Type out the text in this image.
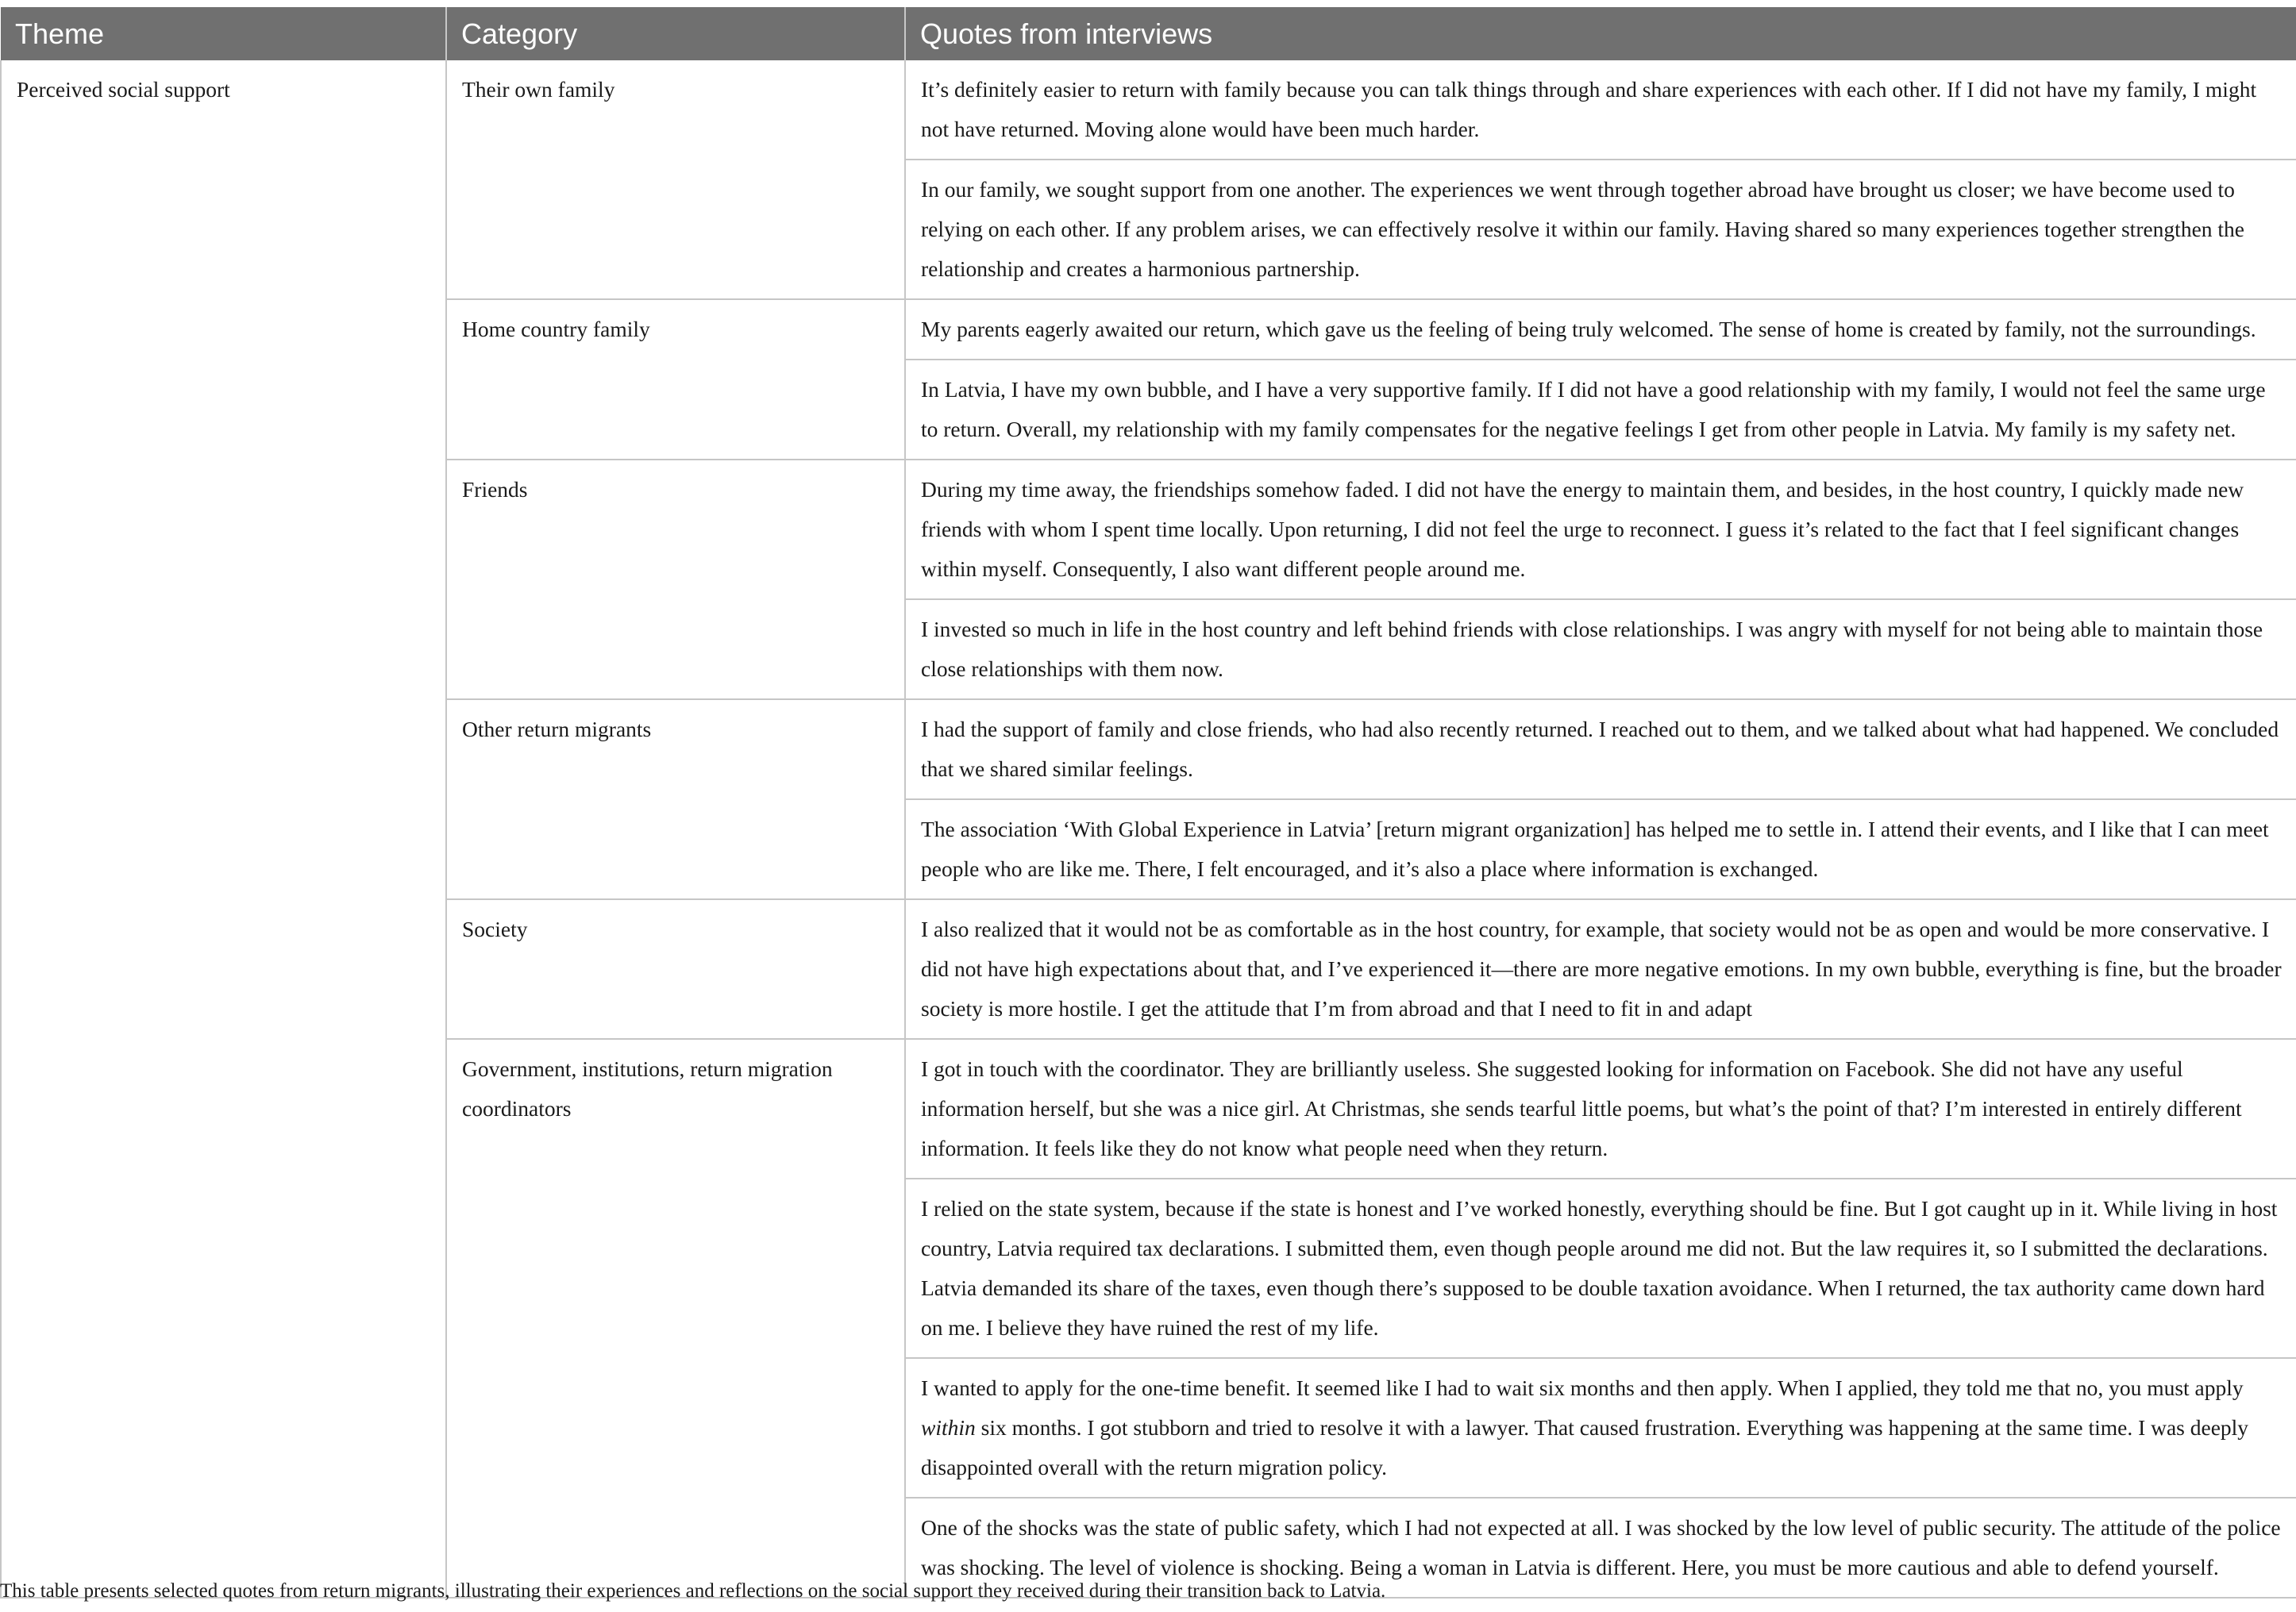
Theme	Category	Quotes from interviews
Perceived social support	Their own family	It’s definitely easier to return with family because you can talk things through and share experiences with each other. If I did not have my family, I might not have returned. Moving alone would have been much harder.
		In our family, we sought support from one another. The experiences we went through together abroad have brought us closer; we have become used to relying on each other. If any problem arises, we can effectively resolve it within our family. Having shared so many experiences together strengthen the relationship and creates a harmonious partnership.
	Home country family	My parents eagerly awaited our return, which gave us the feeling of being truly welcomed. The sense of home is created by family, not the surroundings.
		In Latvia, I have my own bubble, and I have a very supportive family. If I did not have a good relationship with my family, I would not feel the same urge to return. Overall, my relationship with my family compensates for the negative feelings I get from other people in Latvia. My family is my safety net.
	Friends	During my time away, the friendships somehow faded. I did not have the energy to maintain them, and besides, in the host country, I quickly made new friends with whom I spent time locally. Upon returning, I did not feel the urge to reconnect. I guess it’s related to the fact that I feel significant changes within myself. Consequently, I also want different people around me.
		I invested so much in life in the host country and left behind friends with close relationships. I was angry with myself for not being able to maintain those close relationships with them now.
	Other return migrants	I had the support of family and close friends, who had also recently returned. I reached out to them, and we talked about what had happened. We concluded that we shared similar feelings.
		The association ‘With Global Experience in Latvia’ [return migrant organization] has helped me to settle in. I attend their events, and I like that I can meet people who are like me. There, I felt encouraged, and it’s also a place where information is exchanged.
	Society	I also realized that it would not be as comfortable as in the host country, for example, that society would not be as open and would be more conservative. I did not have high expectations about that, and I’ve experienced it—there are more negative emotions. In my own bubble, everything is fine, but the broader society is more hostile. I get the attitude that I’m from abroad and that I need to fit in and adapt
	Government, institutions, return migration coordinators	I got in touch with the coordinator. They are brilliantly useless. She suggested looking for information on Facebook. She did not have any useful information herself, but she was a nice girl. At Christmas, she sends tearful little poems, but what’s the point of that? I’m interested in entirely different information. It feels like they do not know what people need when they return.
		I relied on the state system, because if the state is honest and I’ve worked honestly, everything should be fine. But I got caught up in it. While living in host country, Latvia required tax declarations. I submitted them, even though people around me did not. But the law requires it, so I submitted the declarations. Latvia demanded its share of the taxes, even though there’s supposed to be double taxation avoidance. When I returned, the tax authority came down hard on me. I believe they have ruined the rest of my life.
		I wanted to apply for the one-time benefit. It seemed like I had to wait six months and then apply. When I applied, they told me that no, you must apply within six months. I got stubborn and tried to resolve it with a lawyer. That caused frustration. Everything was happening at the same time. I was deeply disappointed overall with the return migration policy.
		One of the shocks was the state of public safety, which I had not expected at all. I was shocked by the low level of public security. The attitude of the police was shocking. The level of violence is shocking. Being a woman in Latvia is different. Here, you must be more cautious and able to defend yourself.
This table presents selected quotes from return migrants, illustrating their experiences and reflections on the social support they received during their transition back to Latvia.
